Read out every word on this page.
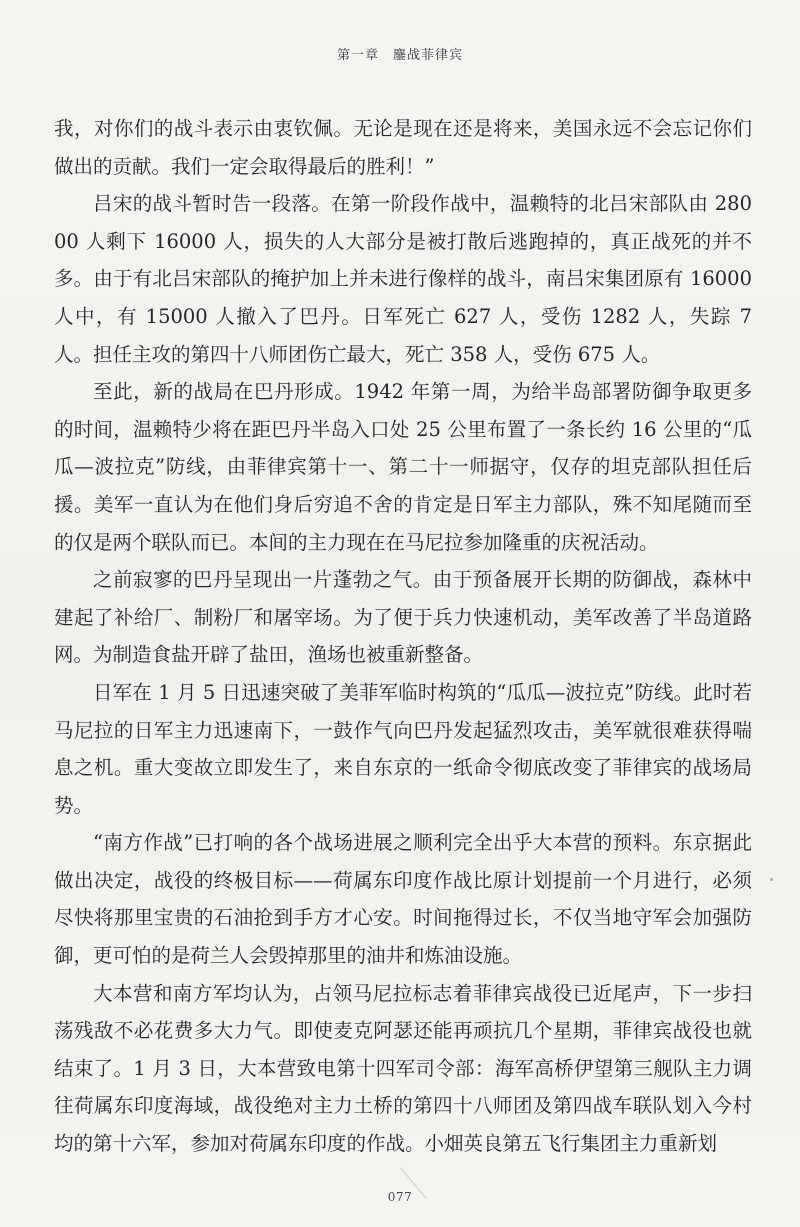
第一章 鏖战菲律宾

我，对你们的战斗表示由衷钦佩。无论是现在还是将来，美国永远不会忘记你们做出的贡献。我们一定会取得最后的胜利！”

吕宋的战斗暂时告一段落。在第一阶段作战中，温赖特的北吕宋部队由 28000 人剩下 16000 人，损失的人大部分是被打散后逃跑掉的，真正战死的并不多。由于有北吕宋部队的掩护加上并未进行像样的战斗，南吕宋集团原有 16000 人中，有 15000 人撤入了巴丹。日军死亡 627 人，受伤 1282 人，失踪 7 人。担任主攻的第四十八师团伤亡最大，死亡 358 人，受伤 675 人。

至此，新的战局在巴丹形成。1942 年第一周，为给半岛部署防御争取更多的时间，温赖特少将在距巴丹半岛入口处 25 公里布置了一条长约 16 公里的“瓜瓜—波拉克”防线，由菲律宾第十一、第二十一师据守，仅存的坦克部队担任后援。美军一直认为在他们身后穷追不舍的肯定是日军主力部队，殊不知尾随而至的仅是两个联队而已。本间的主力现在在马尼拉参加隆重的庆祝活动。

之前寂寥的巴丹呈现出一片蓬勃之气。由于预备展开长期的防御战，森林中建起了补给厂、制粉厂和屠宰场。为了便于兵力快速机动，美军改善了半岛道路网。为制造食盐开辟了盐田，渔场也被重新整备。

日军在 1 月 5 日迅速突破了美菲军临时构筑的“瓜瓜—波拉克”防线。此时若马尼拉的日军主力迅速南下，一鼓作气向巴丹发起猛烈攻击，美军就很难获得喘息之机。重大变故立即发生了，来自东京的一纸命令彻底改变了菲律宾的战场局势。

“南方作战”已打响的各个战场进展之顺利完全出乎大本营的预料。东京据此做出决定，战役的终极目标——荷属东印度作战比原计划提前一个月进行，必须尽快将那里宝贵的石油抢到手方才心安。时间拖得过长，不仅当地守军会加强防御，更可怕的是荷兰人会毁掉那里的油井和炼油设施。

大本营和南方军均认为，占领马尼拉标志着菲律宾战役已近尾声，下一步扫荡残敌不必花费多大力气。即使麦克阿瑟还能再顽抗几个星期，菲律宾战役也就结束了。1 月 3 日，大本营致电第十四军司令部：海军高桥伊望第三舰队主力调往荷属东印度海域，战役绝对主力土桥的第四十八师团及第四战车联队划入今村均的第十六军，参加对荷属东印度的作战。小畑英良第五飞行集团主力重新划

077
